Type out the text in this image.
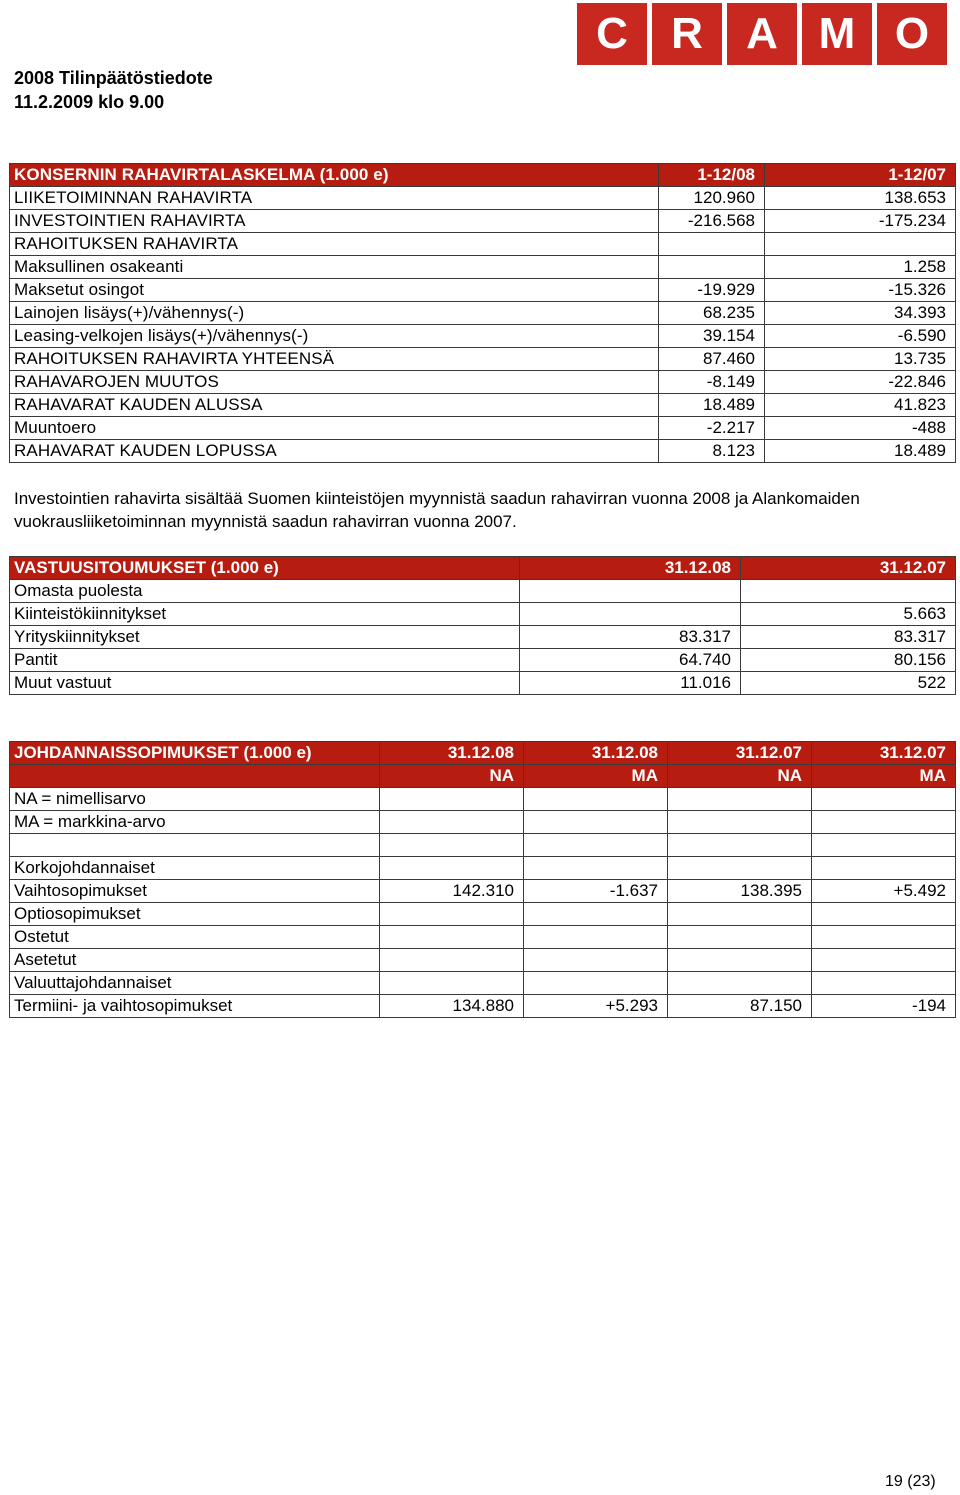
2008 Tilinpäätöstiedote
11.2.2009 klo 9.00
C R A M O
KONSERNIN RAHAVIRTALASKELMA (1.000 e)	1-12/08	1-12/07
LIIKETOIMINNAN RAHAVIRTA	120.960	138.653
INVESTOINTIEN RAHAVIRTA	-216.568	-175.234
RAHOITUKSEN RAHAVIRTA		
Maksullinen osakeanti		1.258
Maksetut osingot	-19.929	-15.326
Lainojen lisäys(+)/vähennys(-)	68.235	34.393
Leasing-velkojen lisäys(+)/vähennys(-)	39.154	-6.590
RAHOITUKSEN RAHAVIRTA YHTEENSÄ	87.460	13.735
RAHAVAROJEN MUUTOS	-8.149	-22.846
RAHAVARAT KAUDEN ALUSSA	18.489	41.823
Muuntoero	-2.217	-488
RAHAVARAT KAUDEN LOPUSSA	8.123	18.489
Investointien rahavirta sisältää Suomen kiinteistöjen myynnistä saadun rahavirran vuonna 2008 ja Alankomaiden vuokrausliiketoiminnan myynnistä saadun rahavirran vuonna 2007.
VASTUUSITOUMUKSET (1.000 e)	31.12.08	31.12.07
Omasta puolesta		
Kiinteistökiinnitykset		5.663
Yrityskiinnitykset	83.317	83.317
Pantit	64.740	80.156
Muut vastuut	11.016	522
JOHDANNAISSOPIMUKSET (1.000 e)	31.12.08	31.12.08	31.12.07	31.12.07
	NA	MA	NA	MA
NA = nimellisarvo				
MA = markkina-arvo				

Korkojohdannaiset				
Vaihtosopimukset	142.310	-1.637	138.395	+5.492
Optiosopimukset				
Ostetut				
Asetetut				
Valuuttajohdannaiset				
Termiini- ja vaihtosopimukset	134.880	+5.293	87.150	-194
19 (23)
